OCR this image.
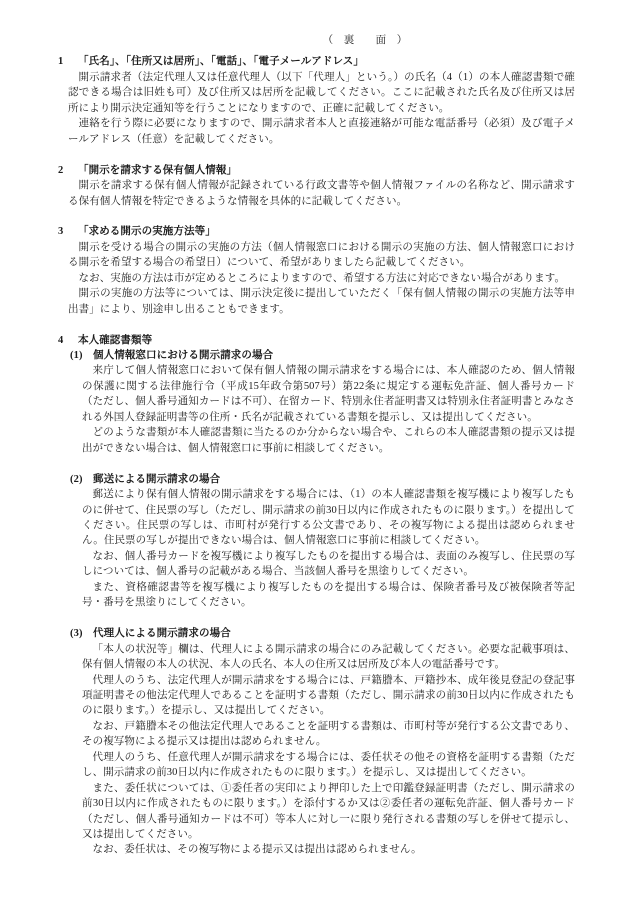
（　裏　　面　）
1 「氏名」、「住所又は居所」、「電話」、「電子メールアドレス」

開示請求者（法定代理人又は任意代理人（以下「代理人」という。）の氏名（4（1）の本人確認書類で確認できる場合は旧姓も可）及び住所又は居所を記載してください。ここに記載された氏名及び住所又は居所により開示決定通知等を行うことになりますので、正確に記載してください。

連絡を行う際に必要になりますので、開示請求者本人と直接連絡が可能な電話番号（必須）及び電子メールアドレス（任意）を記載してください。

2 「開示を請求する保有個人情報」

開示を請求する保有個人情報が記録されている行政文書等や個人情報ファイルの名称など、開示請求する保有個人情報を特定できるような情報を具体的に記載してください。

3 「求める開示の実施方法等」

開示を受ける場合の開示の実施の方法（個人情報窓口における開示の実施の方法、個人情報窓口における開示を希望する場合の希望日）について、希望がありましたら記載してください。

なお、実施の方法は市が定めるところによりますので、希望する方法に対応できない場合があります。

開示の実施の方法等については、開示決定後に提出していただく「保有個人情報の開示の実施方法等申出書」により、別途申し出ることもできます。

4 本人確認書類等
(1) 個人情報窓口における開示請求の場合

来庁して個人情報窓口において保有個人情報の開示請求をする場合には、本人確認のため、個人情報の保護に関する法律施行令（平成15年政令第507号）第22条に規定する運転免許証、個人番号カード（ただし、個人番号通知カードは不可）、在留カード、特別永住者証明書又は特別永住者証明書とみなされる外国人登録証明書等の住所・氏名が記載されている書類を提示し、又は提出してください。

どのような書類が本人確認書類に当たるのか分からない場合や、これらの本人確認書類の提示又は提出ができない場合は、個人情報窓口に事前に相談してください。

(2) 郵送による開示請求の場合

郵送により保有個人情報の開示請求をする場合には、（1）の本人確認書類を複写機により複写したものに併せて、住民票の写し（ただし、開示請求の前30日以内に作成されたものに限ります。）を提出してください。住民票の写しは、市町村が発行する公文書であり、その複写物による提出は認められません。住民票の写しが提出できない場合は、個人情報窓口に事前に相談してください。

なお、個人番号カードを複写機により複写したものを提出する場合は、表面のみ複写し、住民票の写しについては、個人番号の記載がある場合、当該個人番号を黒塗りしてください。

また、資格確認書等を複写機により複写したものを提出する場合は、保険者番号及び被保険者等記号・番号を黒塗りにしてください。

(3) 代理人による開示請求の場合

「本人の状況等」欄は、代理人による開示請求の場合にのみ記載してください。必要な記載事項は、保有個人情報の本人の状況、本人の氏名、本人の住所又は居所及び本人の電話番号です。

代理人のうち、法定代理人が開示請求をする場合には、戸籍謄本、戸籍抄本、成年後見登記の登記事項証明書その他法定代理人であることを証明する書類（ただし、開示請求の前30日以内に作成されたものに限ります。）を提示し、又は提出してください。

なお、戸籍謄本その他法定代理人であることを証明する書類は、市町村等が発行する公文書であり、その複写物による提示又は提出は認められません。

代理人のうち、任意代理人が開示請求をする場合には、委任状その他その資格を証明する書類（ただし、開示請求の前30日以内に作成されたものに限ります。）を提示し、又は提出してください。

また、委任状については、①委任者の実印により押印した上で印鑑登録証明書（ただし、開示請求の前30日以内に作成されたものに限ります。）を添付するか又は②委任者の運転免許証、個人番号カード（ただし、個人番号通知カードは不可）等本人に対し一に限り発行される書類の写しを併せて提示し、又は提出してください。

なお、委任状は、その複写物による提示又は提出は認められません。
